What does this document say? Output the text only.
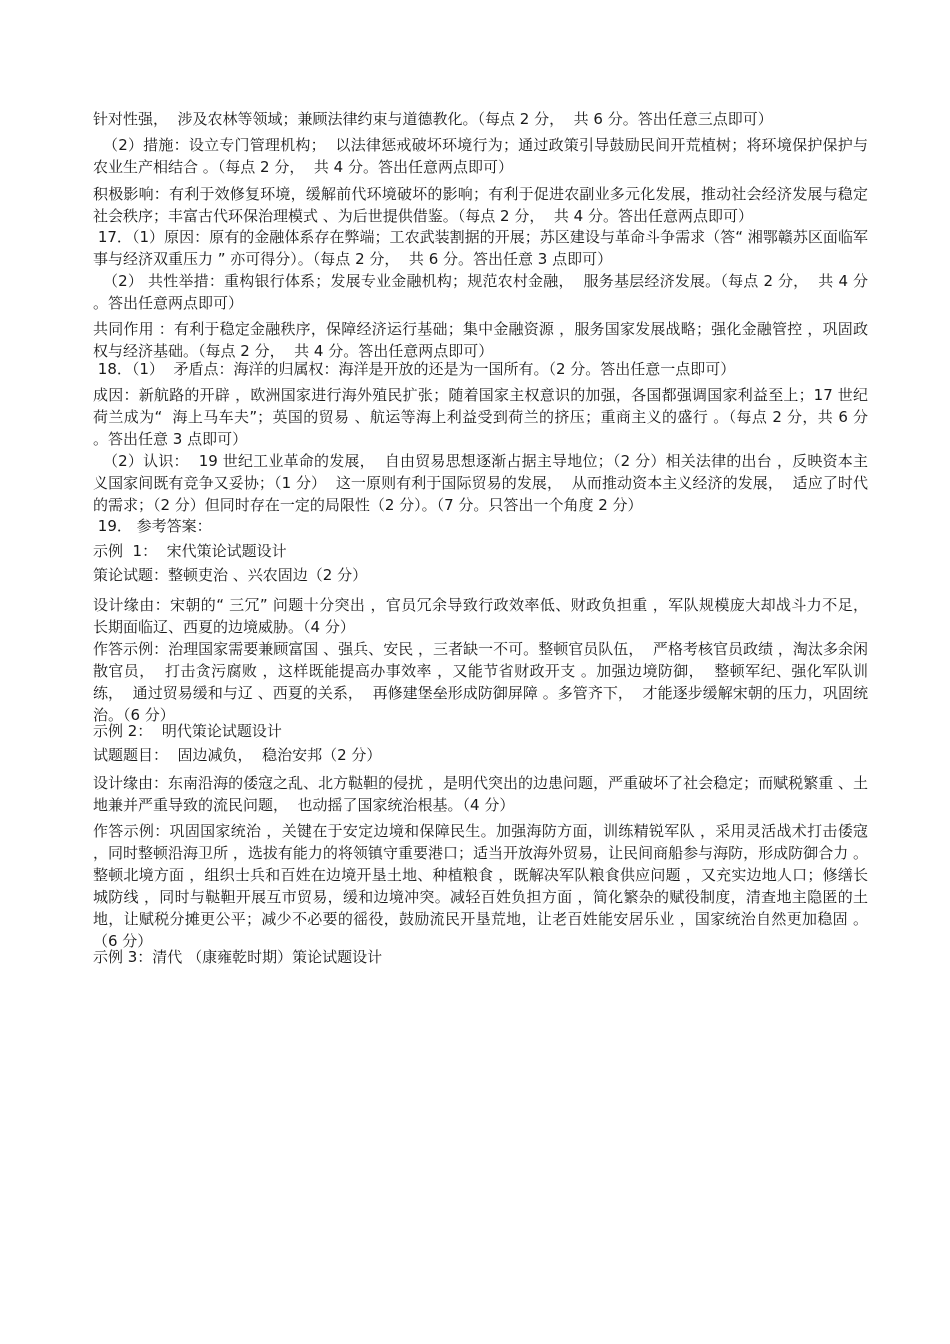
针对性强，  涉及农林等领域；兼顾法律约束与道德教化。（每点 2 分，  共 6 分。答出任意三点即可）
（2）措施：设立专门管理机构；  以法律惩戒破坏环境行为；通过政策引导鼓励民间开荒植树；将环境保护保护与农业生产相结合 。（每点 2 分，  共 4 分。答出任意两点即可）
积极影响：有利于效修复环境，缓解前代环境破坏的影响；有利于促进农副业多元化发展，推动社会经济发展与稳定社会秩序；丰富古代环保治理模式 、为后世提供借鉴。（每点 2 分，  共 4 分。答出任意两点即可）
17．（1）原因：原有的金融体系存在弊端；工农武装割据的开展；苏区建设与革命斗争需求（答“ 湘鄂赣苏区面临军事与经济双重压力 ” 亦可得分）。（每点 2 分，  共 6 分。答出任意 3 点即可）
（2） 共性举措：重构银行体系；发展专业金融机构；规范农村金融，  服务基层经济发展。（每点 2 分，  共 4 分 。答出任意两点即可）
共同作用 ：有利于稳定金融秩序，保障经济运行基础；集中金融资源 ，服务国家发展战略；强化金融管控 ，巩固政权与经济基础。（每点 2 分，  共 4 分。答出任意两点即可）
18．（1）  矛盾点：海洋的归属权：海洋是开放的还是为一国所有。（2 分。答出任意一点即可）
成因：新航路的开辟 ，欧洲国家进行海外殖民扩张；随着国家主权意识的加强，各国都强调国家利益至上；17 世纪荷兰成为“  海上马车夫”；英国的贸易 、航运等海上利益受到荷兰的挤压；重商主义的盛行 。（每点 2 分，共 6 分 。答出任意 3 点即可）
（2）认识：  19 世纪工业革命的发展，  自由贸易思想逐渐占据主导地位；（2 分）相关法律的出台 ，反映资本主义国家间既有竞争又妥协；（1 分）  这一原则有利于国际贸易的发展，  从而推动资本主义经济的发展，  适应了时代的需求；（2 分）但同时存在一定的局限性（2 分）。（7 分。只答出一个角度 2 分）
19． 参考答案：
示例  1：  宋代策论试题设计
策论试题：整顿吏治 、兴农固边（2 分）
设计缘由：宋朝的“ 三冗” 问题十分突出 ，官员冗余导致行政效率低、财政负担重 ，军队规模庞大却战斗力不足，  长期面临辽、西夏的边境威胁。（4 分）
作答示例：治理国家需要兼顾富国 、强兵、安民 ，三者缺一不可。整顿官员队伍，  严格考核官员政绩 ，淘汰多余闲散官员，  打击贪污腐败 ，这样既能提高办事效率 ，又能节省财政开支 。加强边境防御，  整顿军纪、强化军队训练，  通过贸易缓和与辽 、西夏的关系，  再修建堡垒形成防御屏障 。多管齐下，  才能逐步缓解宋朝的压力，巩固统治。（6 分）
示例 2：  明代策论试题设计
试题题目：  固边减负，  稳治安邦（2 分）
设计缘由：东南沿海的倭寇之乱、北方鞑靼的侵扰 ，是明代突出的边患问题，严重破坏了社会稳定；而赋税繁重 、土地兼并严重导致的流民问题，  也动摇了国家统治根基。（4 分）
作答示例：巩固国家统治 ，关键在于安定边境和保障民生。加强海防方面，训练精锐军队 ，采用灵活战术打击倭寇 ，同时整顿沿海卫所 ，选拔有能力的将领镇守重要港口；适当开放海外贸易，让民间商船参与海防，形成防御合力 。整顿北境方面 ，组织士兵和百姓在边境开垦土地、种植粮食 ，既解决军队粮食供应问题 ，又充实边地人口；修缮长城防线 ，同时与鞑靼开展互市贸易，缓和边境冲突。减轻百姓负担方面 ，简化繁杂的赋役制度，清查地主隐匿的土地，让赋税分摊更公平；减少不必要的徭役，鼓励流民开垦荒地，让老百姓能安居乐业 ，国家统治自然更加稳固 。（6 分）
示例 3：清代 （康雍乾时期）策论试题设计
